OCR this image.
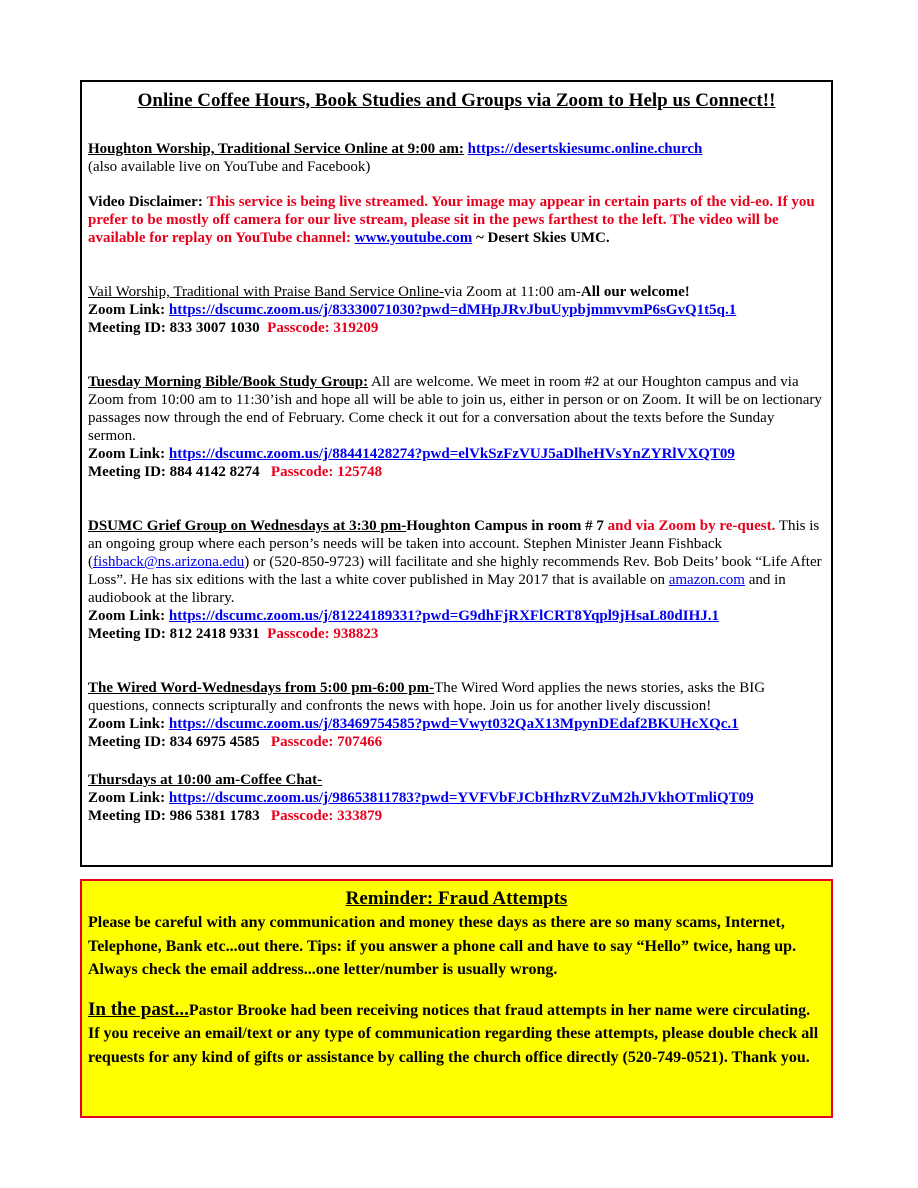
Online Coffee Hours, Book Studies and Groups via Zoom to Help us Connect!!

Houghton Worship, Traditional Service Online at 9:00 am: https://desertskiesumc.online.church
(also available live on YouTube and Facebook)

Video Disclaimer: This service is being live streamed. Your image may appear in certain parts of the vid-eo. If you prefer to be mostly off camera for our live stream, please sit in the pews farthest to the left. The video will be available for replay on YouTube channel: www.youtube.com ~ Desert Skies UMC.

Vail Worship, Traditional with Praise Band Service Online-via Zoom at 11:00 am-All our welcome!
Zoom Link: https://dscumc.zoom.us/j/83330071030?pwd=dMHpJRvJbuUypbjmmvvmP6sGvQ1t5q.1
Meeting ID: 833 3007 1030 Passcode: 319209

Tuesday Morning Bible/Book Study Group: All are welcome. We meet in room #2 at our Houghton campus and via Zoom from 10:00 am to 11:30’ish and hope all will be able to join us, either in person or on Zoom. It will be on lectionary passages now through the end of February. Come check it out for a conversation about the texts before the Sunday sermon.
Zoom Link: https://dscumc.zoom.us/j/88441428274?pwd=elVkSzFzVUJ5aDlheHVsYnZYRlVXQT09
Meeting ID: 884 4142 8274 Passcode: 125748

DSUMC Grief Group on Wednesdays at 3:30 pm-Houghton Campus in room # 7 and via Zoom by re-quest. This is an ongoing group where each person’s needs will be taken into account. Stephen Minister Jeann Fishback (fishback@ns.arizona.edu) or (520-850-9723) will facilitate and she highly recommends Rev. Bob Deits’ book “Life After Loss”. He has six editions with the last a white cover published in May 2017 that is available on amazon.com and in audiobook at the library.
Zoom Link: https://dscumc.zoom.us/j/81224189331?pwd=G9dhFjRXFlCRT8Yqpl9jHsaL80dIHJ.1
Meeting ID: 812 2418 9331 Passcode: 938823

The Wired Word-Wednesdays from 5:00 pm-6:00 pm-The Wired Word applies the news stories, asks the BIG questions, connects scripturally and confronts the news with hope. Join us for another lively discussion!
Zoom Link: https://dscumc.zoom.us/j/83469754585?pwd=Vwyt032QaX13MpynDEdaf2BKUHcXQc.1
Meeting ID: 834 6975 4585 Passcode: 707466

Thursdays at 10:00 am-Coffee Chat-
Zoom Link: https://dscumc.zoom.us/j/98653811783?pwd=YVFVbFJCbHhzRVZuM2hJVkhOTmliQT09
Meeting ID: 986 5381 1783 Passcode: 333879

Reminder: Fraud Attempts

Please be careful with any communication and money these days as there are so many scams, Internet, Telephone, Bank etc...out there. Tips: if you answer a phone call and have to say “Hello” twice, hang up. Always check the email address...one letter/number is usually wrong.

In the past...Pastor Brooke had been receiving notices that fraud attempts in her name were circulating. If you receive an email/text or any type of communication regarding these attempts, please double check all requests for any kind of gifts or assistance by calling the church office directly (520-749-0521). Thank you.
